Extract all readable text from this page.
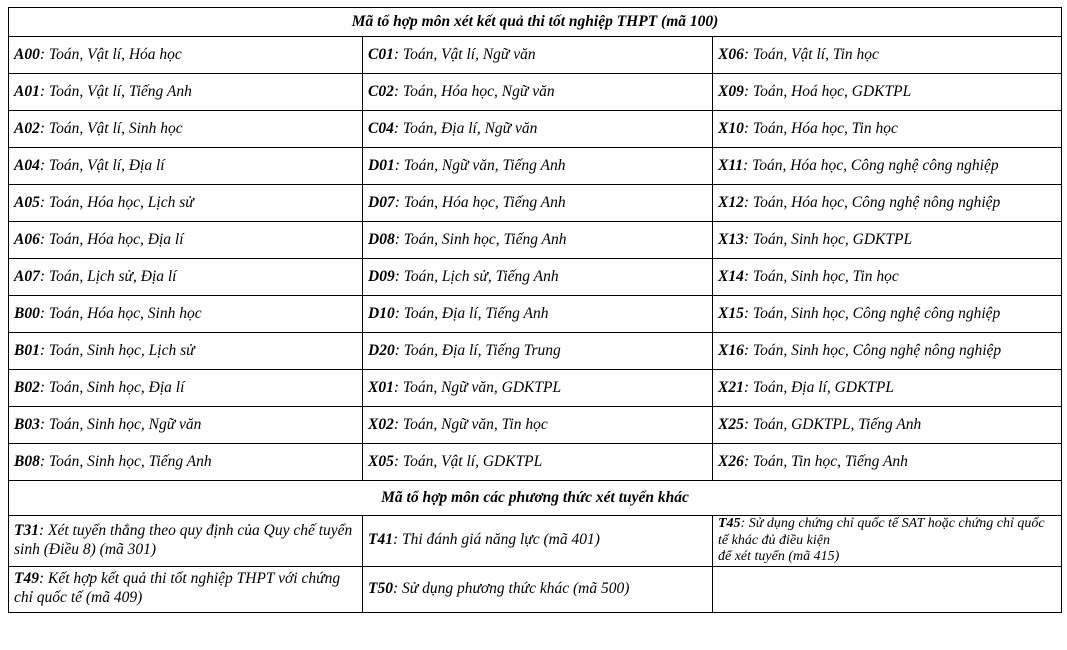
Mã tổ hợp môn xét kết quả thi tốt nghiệp THPT (mã 100)		
A00: Toán, Vật lí, Hóa học	C01: Toán, Vật lí, Ngữ văn	X06: Toán, Vật lí, Tin học
A01: Toán, Vật lí, Tiếng Anh	C02: Toán, Hóa học, Ngữ văn	X09: Toán, Hoá học, GDKTPL
A02: Toán, Vật lí, Sinh học	C04: Toán, Địa lí, Ngữ văn	X10: Toán, Hóa học, Tin học
A04: Toán, Vật lí, Địa lí	D01: Toán, Ngữ văn, Tiếng Anh	X11: Toán, Hóa học, Công nghệ công nghiệp
A05: Toán, Hóa học, Lịch sử	D07: Toán, Hóa học, Tiếng Anh	X12: Toán, Hóa học, Công nghệ nông nghiệp
A06: Toán, Hóa học, Địa lí	D08: Toán, Sinh học, Tiếng Anh	X13: Toán, Sinh học, GDKTPL
A07: Toán, Lịch sử, Địa lí	D09: Toán, Lịch sử, Tiếng Anh	X14: Toán, Sinh học, Tin học
B00: Toán, Hóa học, Sinh học	D10: Toán, Địa lí, Tiếng Anh	X15: Toán, Sinh học, Công nghệ công nghiệp
B01: Toán, Sinh học, Lịch sử	D20: Toán, Địa lí, Tiếng Trung	X16: Toán, Sinh học, Công nghệ nông nghiệp
B02: Toán, Sinh học, Địa lí	X01: Toán, Ngữ văn, GDKTPL	X21: Toán, Địa lí, GDKTPL
B03: Toán, Sinh học, Ngữ văn	X02: Toán, Ngữ văn, Tin học	X25: Toán, GDKTPL, Tiếng Anh
B08: Toán, Sinh học, Tiếng Anh	X05: Toán, Vật lí, GDKTPL	X26: Toán, Tin học, Tiếng Anh
Mã tổ hợp môn các phương thức xét tuyển khác		
T31: Xét tuyển thẳng theo quy định của Quy chế tuyển sinh (Điều 8) (mã 301)	T41: Thi đánh giá năng lực (mã 401)	T45: Sử dụng chứng chỉ quốc tế SAT hoặc chứng chỉ quốc tế khác đủ điều kiện
để xét tuyển (mã 415)
T49: Kết hợp kết quả thi tốt nghiệp THPT với chứng chỉ quốc tế (mã 409)	T50: Sử dụng phương thức khác (mã 500)	
